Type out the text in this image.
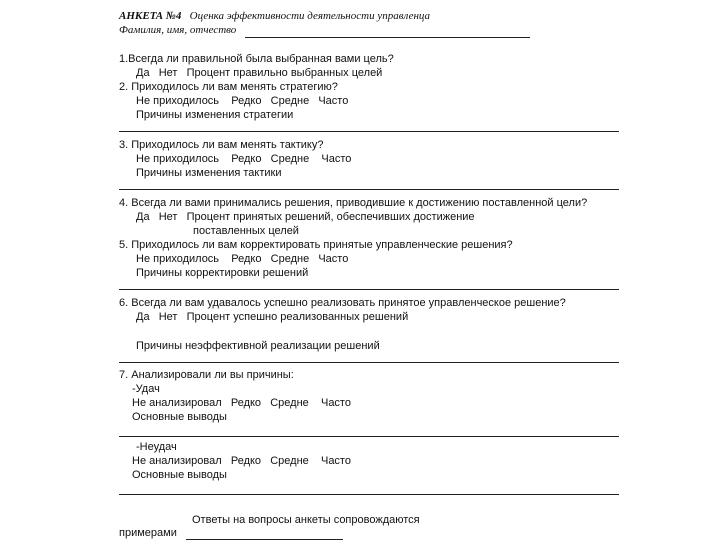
АНКЕТА №4 Оценка эффективности деятельности управленца
Фамилия, имя, отчество
1.Всегда ли правильной была выбранная вами цель?
Да   Нет   Процент правильно выбранных целей
2. Приходилось ли вам менять стратегию?
Не приходилось    Редко   Средне   Часто
Причины изменения стратегии
3. Приходилось ли вам менять тактику?
Не приходилось    Редко   Средне    Часто
Причины изменения тактики
4. Всегда ли вами принимались решения, приводившие к достижению поставленной цели?
Да   Нет   Процент принятых решений, обеспечивших достижение
поставленных целей
5. Приходилось ли вам корректировать принятые управленческие решения?
Не приходилось    Редко   Средне   Часто
Причины корректировки решений
6. Всегда ли вам удавалось успешно реализовать принятое управленческое решение?
Да   Нет   Процент успешно реализованных решений
Причины неэффективной реализации решений
7. Анализировали ли вы причины:
-Удач
Не анализировал   Редко   Средне    Часто
Основные выводы
-Неудач
Не анализировал   Редко   Средне    Часто
Основные выводы
Ответы на вопросы анкеты сопровождаются
примерами
